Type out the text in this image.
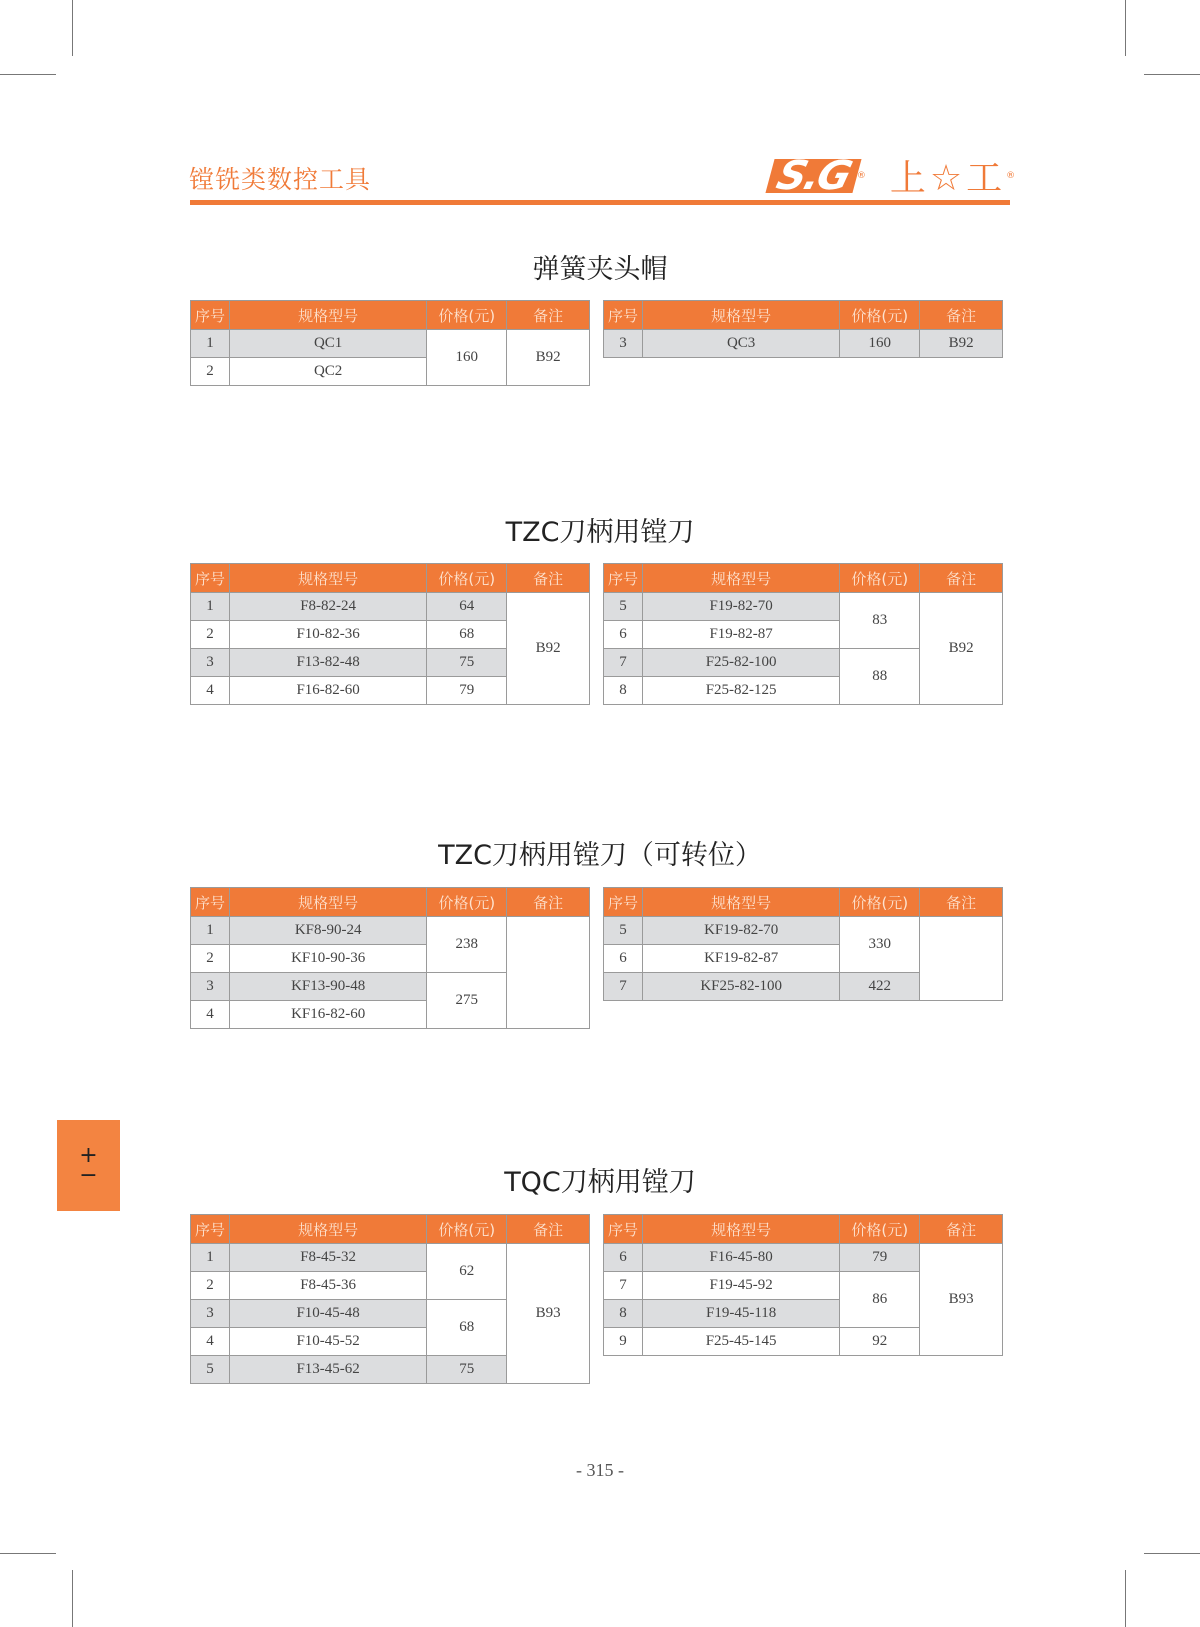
镗铣类数控工具	S.G ® 上☆工 ®
弹簧夹头帽
序号	规格型号	价格(元)	备注
1	QC1	160	B92
2	QC2		
序号	规格型号	价格(元)	备注
3	QC3	160	B92
TZC刀柄用镗刀
序号	规格型号	价格(元)	备注
1	F8-82-24	64	B92
2	F10-82-36	68	
3	F13-82-48	75	
4	F16-82-60	79	
序号	规格型号	价格(元)	备注
5	F19-82-70	83	B92
6	F19-82-87		
7	F25-82-100	88	
8	F25-82-125		
TZC刀柄用镗刀（可转位）
序号	规格型号	价格(元)	备注
1	KF8-90-24	238	
2	KF10-90-36		
3	KF13-90-48	275	
4	KF16-82-60		
序号	规格型号	价格(元)	备注
5	KF19-82-70	330	
6	KF19-82-87		
7	KF25-82-100	422	
TQC刀柄用镗刀
序号	规格型号	价格(元)	备注
1	F8-45-32	62	B93
2	F8-45-36		
3	F10-45-48	68	
4	F10-45-52		
5	F13-45-62	75	
序号	规格型号	价格(元)	备注
6	F16-45-80	79	B93
7	F19-45-92	86	
8	F19-45-118		
9	F25-45-145	92	
+
−
- 315 -
